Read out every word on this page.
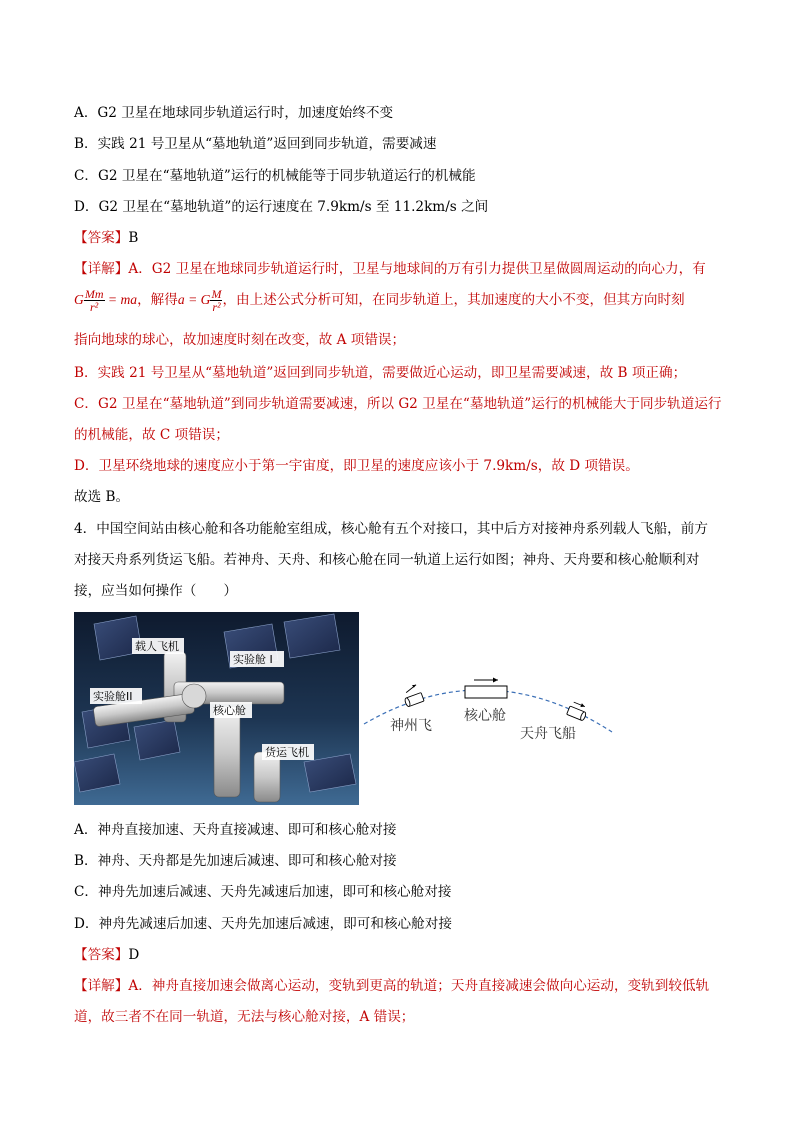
A．G2 卫星在地球同步轨道运行时，加速度始终不变
B．实践 21 号卫星从“墓地轨道”返回到同步轨道，需要减速
C．G2 卫星在“墓地轨道”运行的机械能等于同步轨道运行的机械能
D．G2 卫星在“墓地轨道”的运行速度在 7.9km/s 至 11.2km/s 之间
【答案】B
【详解】A．G2 卫星在地球同步轨道运行时，卫星与地球间的万有引力提供卫星做圆周运动的向心力，有
G $\frac{Mm}{\text{r²}}$ = ma，解得a = G $\frac{M}{\text{r²}}$ ，由上述公式分析可知，在同步轨道上，其加速度的大小不变，但其方向时刻
指向地球的球心，故加速度时刻在改变，故 A 项错误；
B．实践 21 号卫星从“墓地轨道”返回到同步轨道，需要做近心运动，即卫星需要减速，故 B 项正确；
C．G2 卫星在“墓地轨道”到同步轨道需要减速，所以 G2 卫星在“墓地轨道”运行的机械能大于同步轨道运行
的机械能，故 C 项错误；
D．卫星环绕地球的速度应小于第一宇宙度，即卫星的速度应该小于 7.9km/s，故 D 项错误。
故选 B。
4．中国空间站由核心舱和各功能舱室组成，核心舱有五个对接口，其中后方对接神舟系列载人飞船，前方
对接天舟系列货运飞船。若神舟、天舟、和核心舱在同一轨道上运行如图；神舟、天舟要和核心舱顺利对
接，应当如何操作（　　）
载人飞机
实验舱 I
实验舱II
核心舱
货运飞机
神州飞
核心舱
天舟飞船
A．神舟直接加速、天舟直接减速、即可和核心舱对接
B．神舟、天舟都是先加速后减速、即可和核心舱对接
C．神舟先加速后减速、天舟先减速后加速，即可和核心舱对接
D．神舟先减速后加速、天舟先加速后减速，即可和核心舱对接
【答案】D
【详解】A．神舟直接加速会做离心运动，变轨到更高的轨道；天舟直接减速会做向心运动，变轨到较低轨
道，故三者不在同一轨道，无法与核心舱对接，A 错误；
